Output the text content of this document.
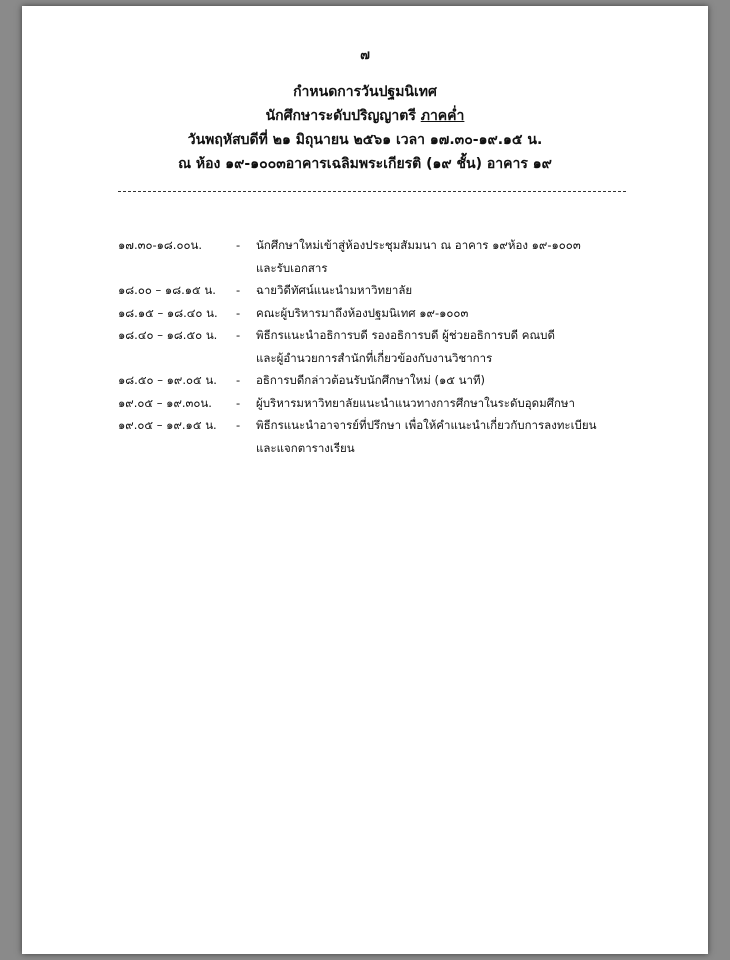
๗
กำหนดการวันปฐมนิเทศ
นักศึกษาระดับปริญญาตรี ภาคค่ำ
วันพฤหัสบดีที่ ๒๑ มิถุนายน ๒๕๖๑ เวลา ๑๗.๓๐-๑๙.๑๕ น.
ณ ห้อง ๑๙-๑๐๐๓อาคารเฉลิมพระเกียรติ (๑๙ ชั้น) อาคาร ๑๙
๑๗.๓๐-๑๘.๐๐น.	-	นักศึกษาใหม่เข้าสู่ห้องประชุมสัมมนา ณ อาคาร ๑๙ห้อง ๑๙-๑๐๐๓
และรับเอกสาร
๑๘.๐๐ – ๑๘.๑๕ น.	-	ฉายวิดีทัศน์แนะนำมหาวิทยาลัย
๑๘.๑๕ – ๑๘.๔๐ น.	-	คณะผู้บริหารมาถึงห้องปฐมนิเทศ ๑๙-๑๐๐๓
๑๘.๔๐ – ๑๘.๕๐ น.	-	พิธีกรแนะนำอธิการบดี รองอธิการบดี ผู้ช่วยอธิการบดี คณบดี
และผู้อำนวยการสำนักที่เกี่ยวข้องกับงานวิชาการ
๑๘.๕๐ – ๑๙.๐๕ น.	-	อธิการบดีกล่าวต้อนรับนักศึกษาใหม่ (๑๕ นาที)
๑๙.๐๕ – ๑๙.๓๐น.	-	ผู้บริหารมหาวิทยาลัยแนะนำแนวทางการศึกษาในระดับอุดมศึกษา
๑๙.๐๕ – ๑๙.๑๕ น.	-	พิธีกรแนะนำอาจารย์ที่ปรึกษา เพื่อให้คำแนะนำเกี่ยวกับการลงทะเบียน
และแจกตารางเรียน
